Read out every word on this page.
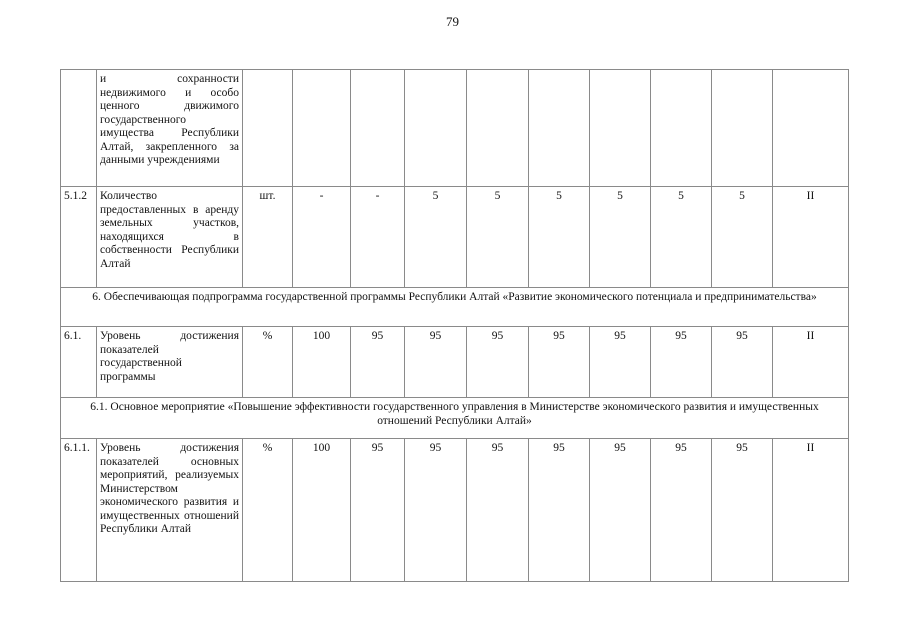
79
	и сохранности недвижимого и особо ценного движимого государственного имущества Республики Алтай, закрепленного за данными учреждениями										
5.1.2	Количество предоставленных в аренду земельных участков, находящихся в собственности Республики Алтай	шт.	-	-	5	5	5	5	5	5	II
6. Обеспечивающая подпрограмма государственной программы Республики Алтай «Развитие экономического потенциала и предпринимательства»											
6.1.	Уровень достижения показателей государственной программы	%	100	95	95	95	95	95	95	95	II
6.1. Основное мероприятие «Повышение эффективности государственного управления в Министерстве экономического развития и имущественных отношений Республики Алтай»											
6.1.1.	Уровень достижения показателей основных мероприятий, реализуемых Министерством экономического развития и имущественных отношений Республики Алтай	%	100	95	95	95	95	95	95	95	II
